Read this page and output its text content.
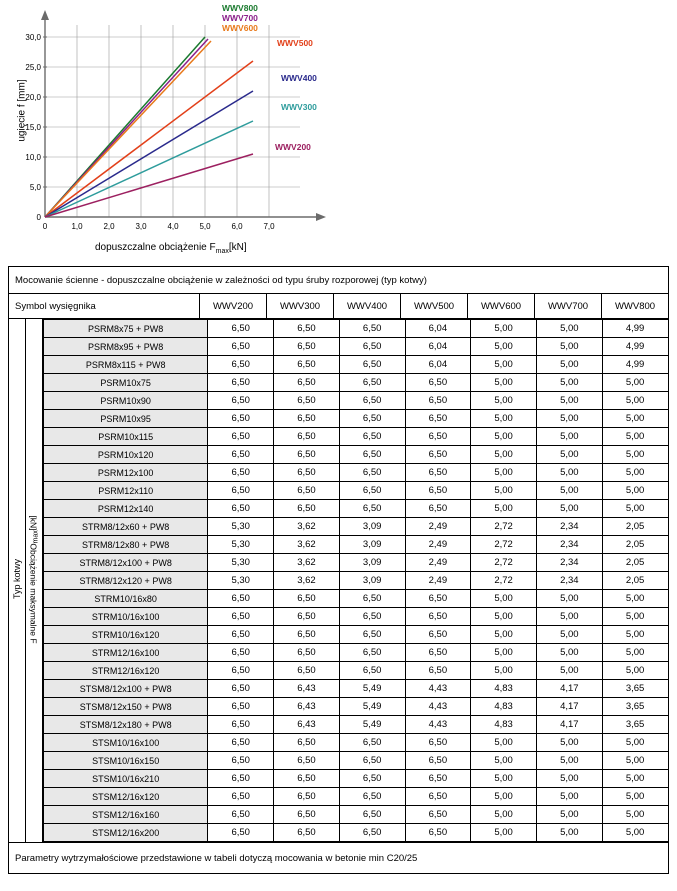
30,0
25,0
20,0
15,0
10,0
5,0
0
0	1,0	2,0	3,0	4,0	5,0	6,0	7,0
WWV800
WWV700
WWV600
WWV500
WWV400
WWV300
WWV200
ugięcie f [mm]
dopuszczalne obciążenie $F_{max}[kN]$
Mocowanie ścienne - dopuszczalne obciążenie w zależności od typu śruby rozporowej (typ kotwy)
Symbol wysięgnika	WWV200	WWV300	WWV400	WWV500	WWV600	WWV700	WWV800
Typ kotwy	Obciążenie maksymalne $F_{max}[kN]$	
PSRM8x75 + PW8	6,50	6,50	6,50	6,04	5,00	5,00	4,99
PSRM8x95 + PW8	6,50	6,50	6,50	6,04	5,00	5,00	4,99
PSRM8x115 + PW8	6,50	6,50	6,50	6,04	5,00	5,00	4,99
PSRM10x75	6,50	6,50	6,50	6,50	5,00	5,00	5,00
PSRM10x90	6,50	6,50	6,50	6,50	5,00	5,00	5,00
PSRM10x95	6,50	6,50	6,50	6,50	5,00	5,00	5,00
PSRM10x115	6,50	6,50	6,50	6,50	5,00	5,00	5,00
PSRM10x120	6,50	6,50	6,50	6,50	5,00	5,00	5,00
PSRM12x100	6,50	6,50	6,50	6,50	5,00	5,00	5,00
PSRM12x110	6,50	6,50	6,50	6,50	5,00	5,00	5,00
PSRM12x140	6,50	6,50	6,50	6,50	5,00	5,00	5,00
STRM8/12x60 + PW8	5,30	3,62	3,09	2,49	2,72	2,34	2,05
STRM8/12x80 + PW8	5,30	3,62	3,09	2,49	2,72	2,34	2,05
STRM8/12x100 + PW8	5,30	3,62	3,09	2,49	2,72	2,34	2,05
STRM8/12x120 + PW8	5,30	3,62	3,09	2,49	2,72	2,34	2,05
STRM10/16x80	6,50	6,50	6,50	6,50	5,00	5,00	5,00
STRM10/16x100	6,50	6,50	6,50	6,50	5,00	5,00	5,00
STRM10/16x120	6,50	6,50	6,50	6,50	5,00	5,00	5,00
STRM12/16x100	6,50	6,50	6,50	6,50	5,00	5,00	5,00
STRM12/16x120	6,50	6,50	6,50	6,50	5,00	5,00	5,00
STSM8/12x100 + PW8	6,50	6,43	5,49	4,43	4,83	4,17	3,65
STSM8/12x150 + PW8	6,50	6,43	5,49	4,43	4,83	4,17	3,65
STSM8/12x180 + PW8	6,50	6,43	5,49	4,43	4,83	4,17	3,65
STSM10/16x100	6,50	6,50	6,50	6,50	5,00	5,00	5,00
STSM10/16x150	6,50	6,50	6,50	6,50	5,00	5,00	5,00
STSM10/16x210	6,50	6,50	6,50	6,50	5,00	5,00	5,00
STSM12/16x120	6,50	6,50	6,50	6,50	5,00	5,00	5,00
STSM12/16x160	6,50	6,50	6,50	6,50	5,00	5,00	5,00
STSM12/16x200	6,50	6,50	6,50	6,50	5,00	5,00	5,00

Parametry wytrzymałościowe przedstawione w tabeli dotyczą mocowania w betonie min C20/25
